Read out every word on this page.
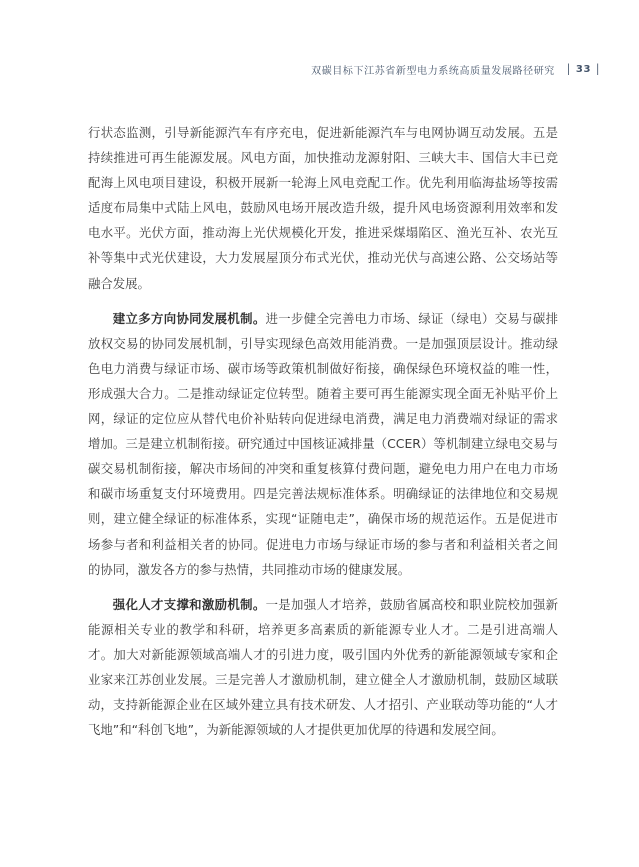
双碳目标下江苏省新型电力系统高质量发展路径研究 | 33 |

行状态监测，引导新能源汽车有序充电，促进新能源汽车与电网协调互动发展。五是持续推进可再生能源发展。风电方面，加快推动龙源射阳、三峡大丰、国信大丰已竞配海上风电项目建设，积极开展新一轮海上风电竞配工作。优先利用临海盐场等按需适度布局集中式陆上风电，鼓励风电场开展改造升级，提升风电场资源利用效率和发电水平。光伏方面，推动海上光伏规模化开发，推进采煤塌陷区、渔光互补、农光互补等集中式光伏建设，大力发展屋顶分布式光伏，推动光伏与高速公路、公交场站等融合发展。

建立多方向协同发展机制。进一步健全完善电力市场、绿证（绿电）交易与碳排放权交易的协同发展机制，引导实现绿色高效用能消费。一是加强顶层设计。推动绿色电力消费与绿证市场、碳市场等政策机制做好衔接，确保绿色环境权益的唯一性，形成强大合力。二是推动绿证定位转型。随着主要可再生能源实现全面无补贴平价上网，绿证的定位应从替代电价补贴转向促进绿电消费，满足电力消费端对绿证的需求增加。三是建立机制衔接。研究通过中国核证减排量（CCER）等机制建立绿电交易与碳交易机制衔接，解决市场间的冲突和重复核算付费问题，避免电力用户在电力市场和碳市场重复支付环境费用。四是完善法规标准体系。明确绿证的法律地位和交易规则，建立健全绿证的标准体系，实现“证随电走”，确保市场的规范运作。五是促进市场参与者和利益相关者的协同。促进电力市场与绿证市场的参与者和利益相关者之间的协同，激发各方的参与热情，共同推动市场的健康发展。

强化人才支撑和激励机制。一是加强人才培养，鼓励省属高校和职业院校加强新能源相关专业的教学和科研，培养更多高素质的新能源专业人才。二是引进高端人才。加大对新能源领域高端人才的引进力度，吸引国内外优秀的新能源领域专家和企业家来江苏创业发展。三是完善人才激励机制，建立健全人才激励机制，鼓励区域联动，支持新能源企业在区域外建立具有技术研发、人才招引、产业联动等功能的“人才飞地”和“科创飞地”，为新能源领域的人才提供更加优厚的待遇和发展空间。
